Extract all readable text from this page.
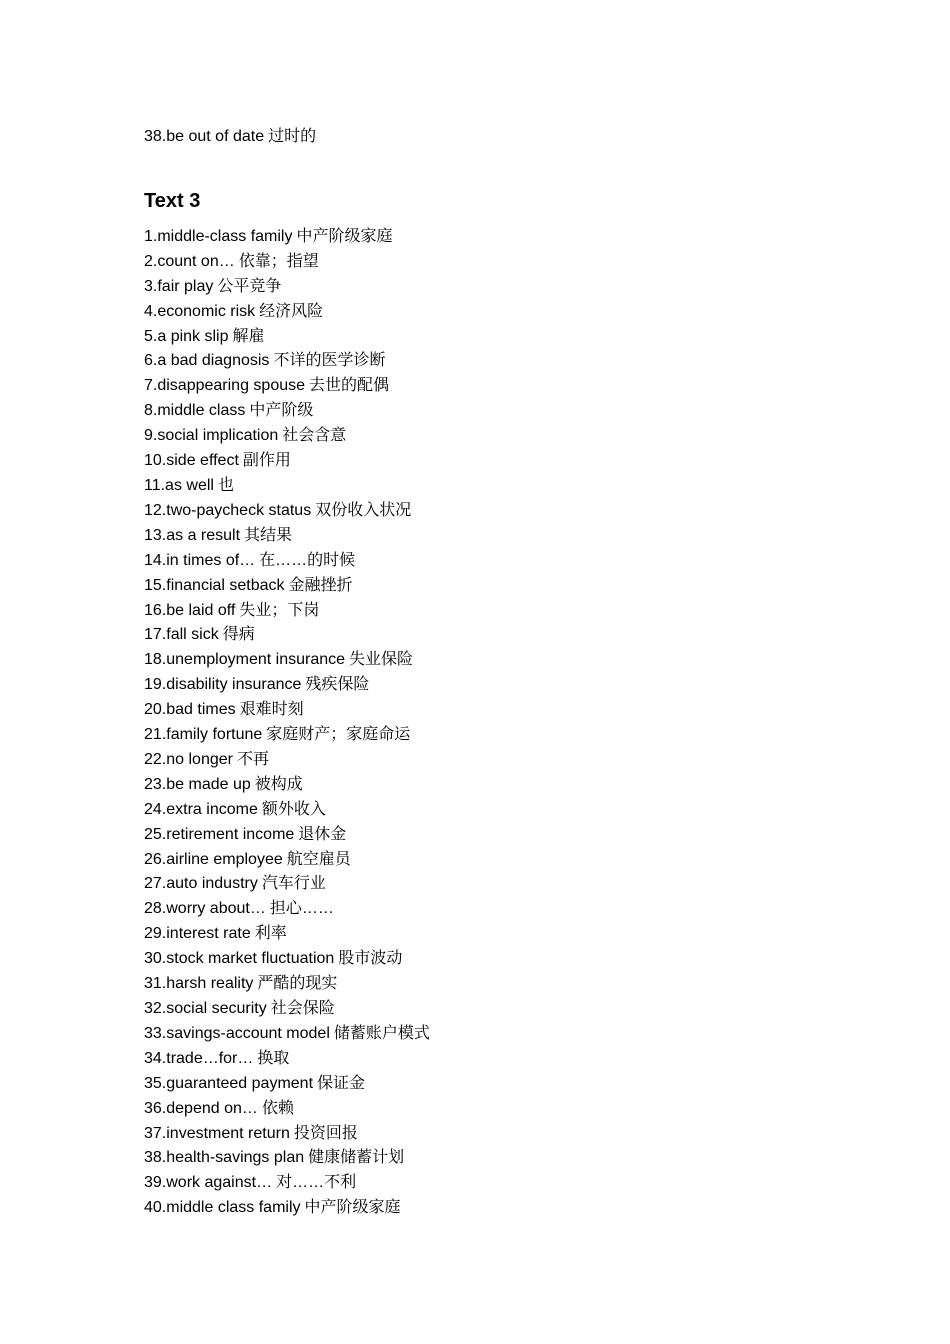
38.be out of date 过时的
Text 3
1.middle-class family 中产阶级家庭
2.count on… 依靠；指望
3.fair play 公平竞争
4.economic risk 经济风险
5.a pink slip 解雇
6.a bad diagnosis 不详的医学诊断
7.disappearing spouse 去世的配偶
8.middle class 中产阶级
9.social implication 社会含意
10.side effect 副作用
11.as well 也
12.two-paycheck status 双份收入状况
13.as a result 其结果
14.in times of… 在……的时候
15.financial setback 金融挫折
16.be laid off 失业；下岗
17.fall sick 得病
18.unemployment insurance 失业保险
19.disability insurance 残疾保险
20.bad times 艰难时刻
21.family fortune 家庭财产；家庭命运
22.no longer 不再
23.be made up 被构成
24.extra income 额外收入
25.retirement income 退休金
26.airline employee 航空雇员
27.auto industry 汽车行业
28.worry about… 担心……
29.interest rate 利率
30.stock market fluctuation 股市波动
31.harsh reality 严酷的现实
32.social security 社会保险
33.savings-account model 储蓄账户模式
34.trade…for… 换取
35.guaranteed payment 保证金
36.depend on… 依赖
37.investment return 投资回报
38.health-savings plan 健康储蓄计划
39.work against… 对……不利
40.middle class family 中产阶级家庭
